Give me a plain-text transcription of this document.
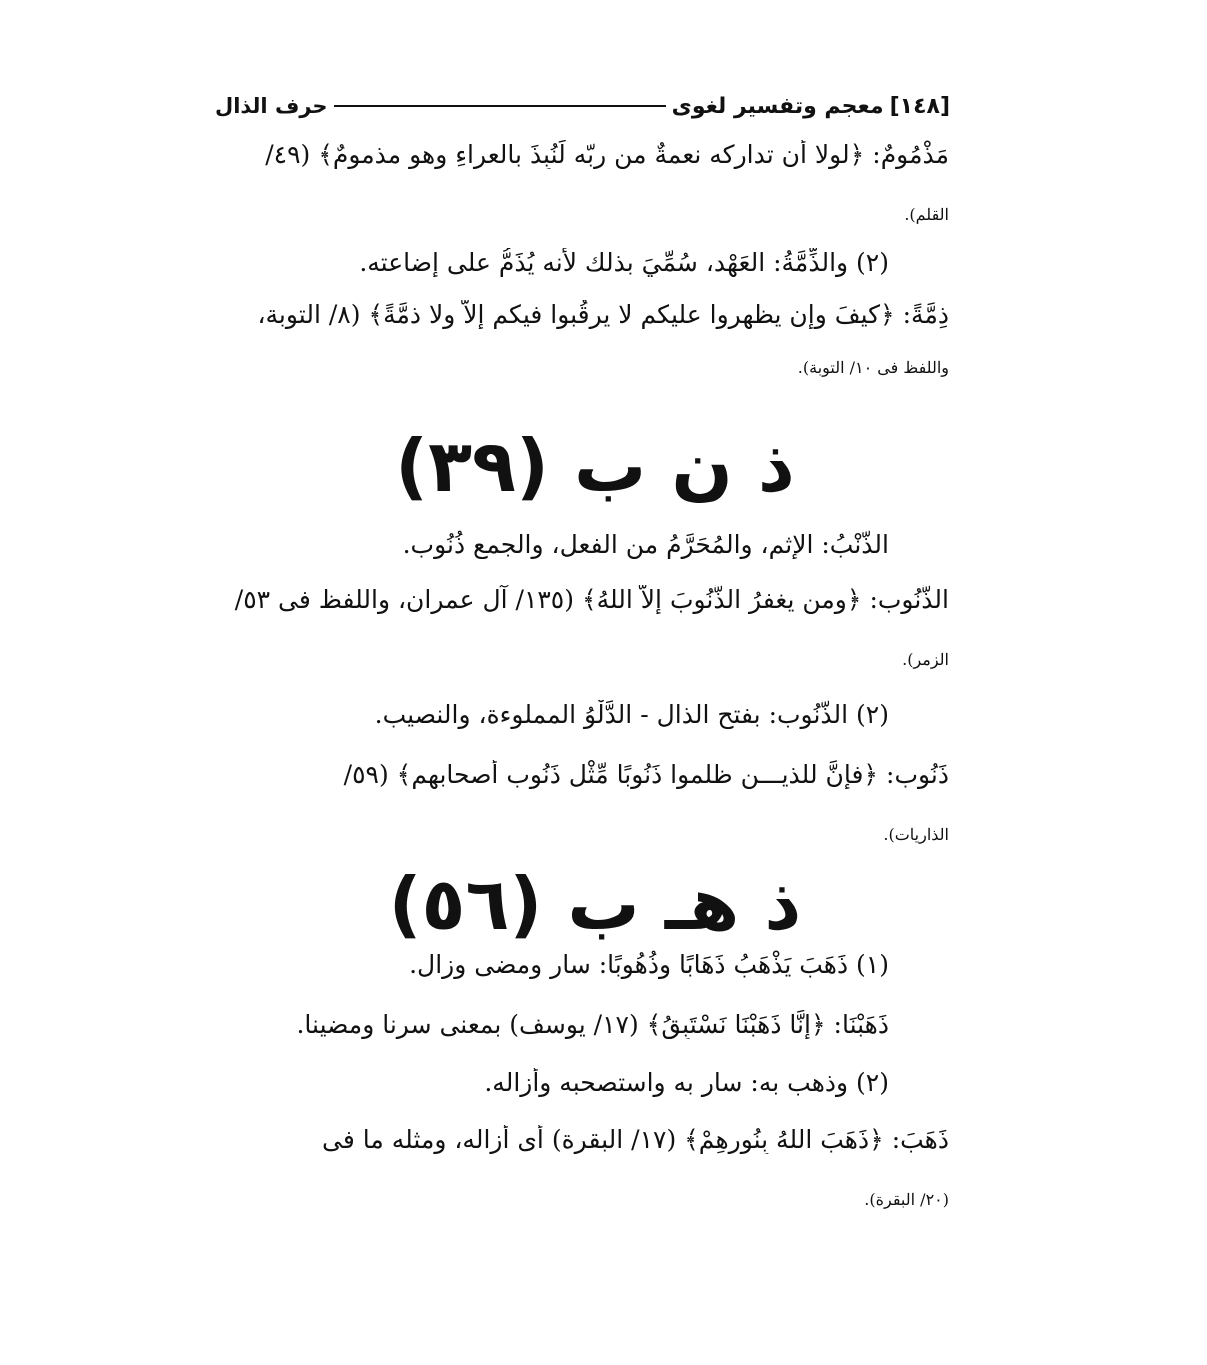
[١٤٨]
معجم وتفسير لغوى
حرف الذال
مَذْمُومٌ: ﴿لولا أن تداركه نعمةٌ من ربّه لَنُبِذَ بالعراءِ وهو مذمومٌ﴾ (٤٩/
القلم).
(٢) والذِّمَّةُ: العَهْد، سُمِّيَ بذلك لأنه يُذَمُّ على إضاعته.
ذِمَّةً: ﴿كيفَ وإن يظهروا عليكم لا يرقُبوا فيكم إلاًّ ولا ذمَّةً﴾ (٨/ التوبة،
واللفظ فى ١٠/ التوبة).
ذ ن ب (٣٩)
الذَّنْبُ: الإثم، والمُحَرَّمُ من الفعل، والجمع ذُنُوب.
الذُّنُوب: ﴿ومن يغفرُ الذُّنُوبَ إلاَّ اللهُ﴾ (١٣٥/ آل عمران، واللفظ فى ٥٣/
الزمر).
(٢) الذَّنُوب: بفتح الذال - الدَّلْوُ المملوءة، والنصيب.
ذَنُوب: ﴿فإنَّ للذيـــن ظلموا ذَنُوبًا مِّثْل ذَنُوب أصحابهم﴾ (٥٩/
الذاريات).
ذ هـ ب (٥٦)
(١) ذَهَبَ يَذْهَبُ ذَهَابًا وذُهُوبًا: سار ومضى وزال.
ذَهَبْنَا: ﴿إنَّا ذَهَبْنَا نَسْتَبِقُ﴾ (١٧/ يوسف) بمعنى سرنا ومضينا.
(٢) وذهب به: سار به واستصحبه وأزاله.
ذَهَبَ: ﴿ذَهَبَ اللهُ بِنُورِهِمْ﴾ (١٧/ البقرة) أى أزاله، ومثله ما فى
(٢٠/ البقرة).
